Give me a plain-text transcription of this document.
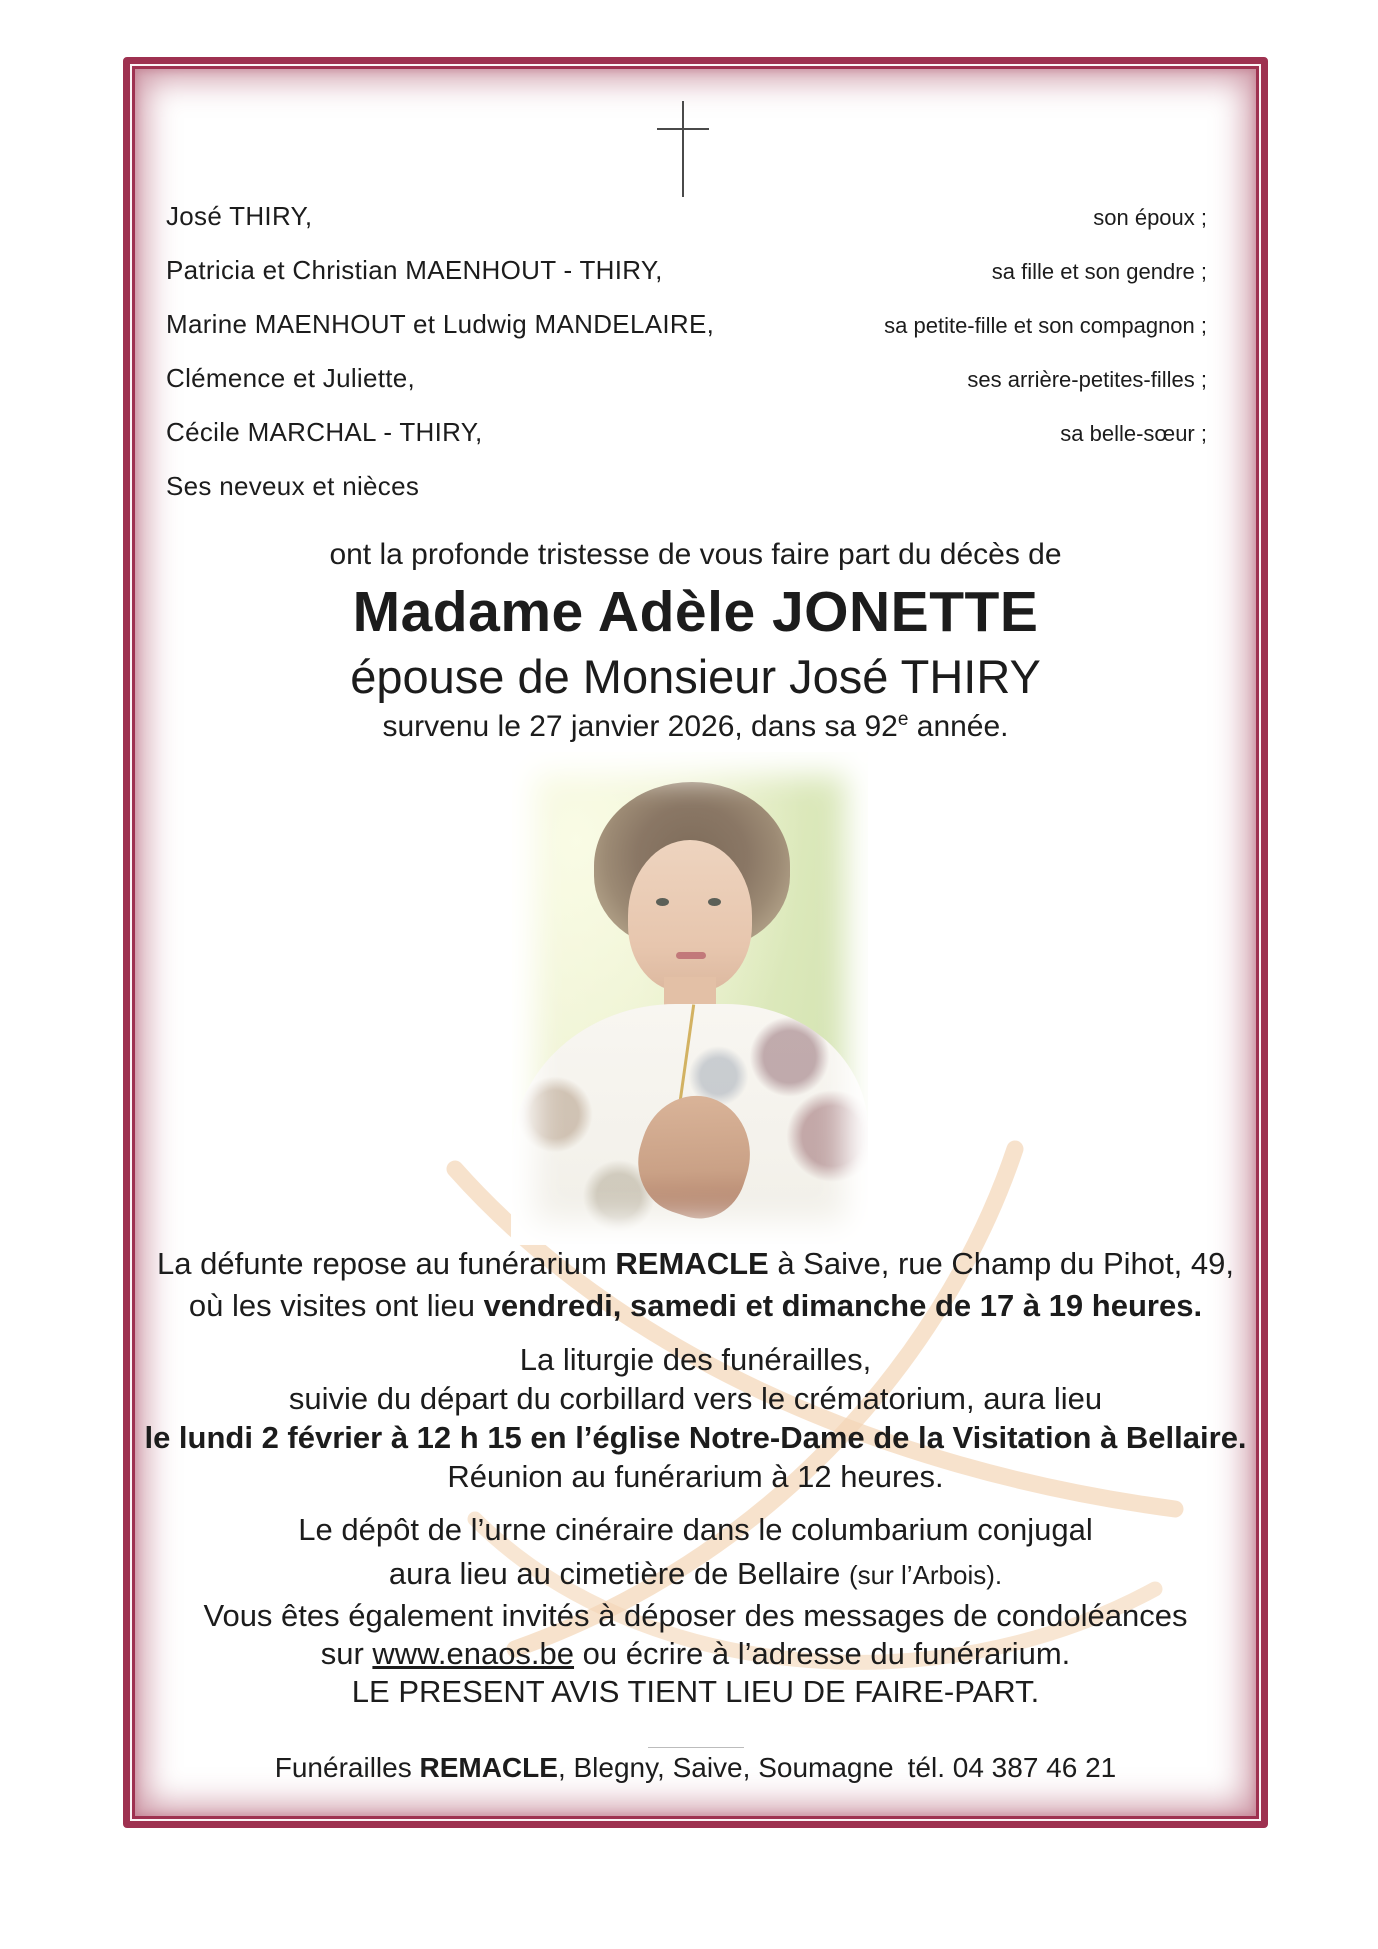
José THIRY,	son époux ;
Patricia et Christian MAENHOUT - THIRY,	sa fille et son gendre ;
Marine MAENHOUT et Ludwig MANDELAIRE,	sa petite-fille et son compagnon ;
Clémence et Juliette,	ses arrière-petites-filles ;
Cécile MARCHAL - THIRY,	sa belle-sœur ;
Ses neveux et nièces
ont la profonde tristesse de vous faire part du décès de
Madame Adèle JONETTE
épouse de Monsieur José THIRY
survenu le 27 janvier 2026, dans sa 92e année.
La défunte repose au funérarium REMACLE à Saive, rue Champ du Pihot, 49,
où les visites ont lieu vendredi, samedi et dimanche de 17 à 19 heures.
La liturgie des funérailles,
suivie du départ du corbillard vers le crématorium, aura lieu
le lundi 2 février à 12 h 15 en l’église Notre-Dame de la Visitation à Bellaire.
Réunion au funérarium à 12 heures.
Le dépôt de l’urne cinéraire dans le columbarium conjugal
aura lieu au cimetière de Bellaire (sur l’Arbois).
Vous êtes également invités à déposer des messages de condoléances
sur www.enaos.be ou écrire à l’adresse du funérarium.
LE PRESENT AVIS TIENT LIEU DE FAIRE-PART.
Funérailles REMACLE, Blegny, Saive, Soumagne tél. 04 387 46 21
